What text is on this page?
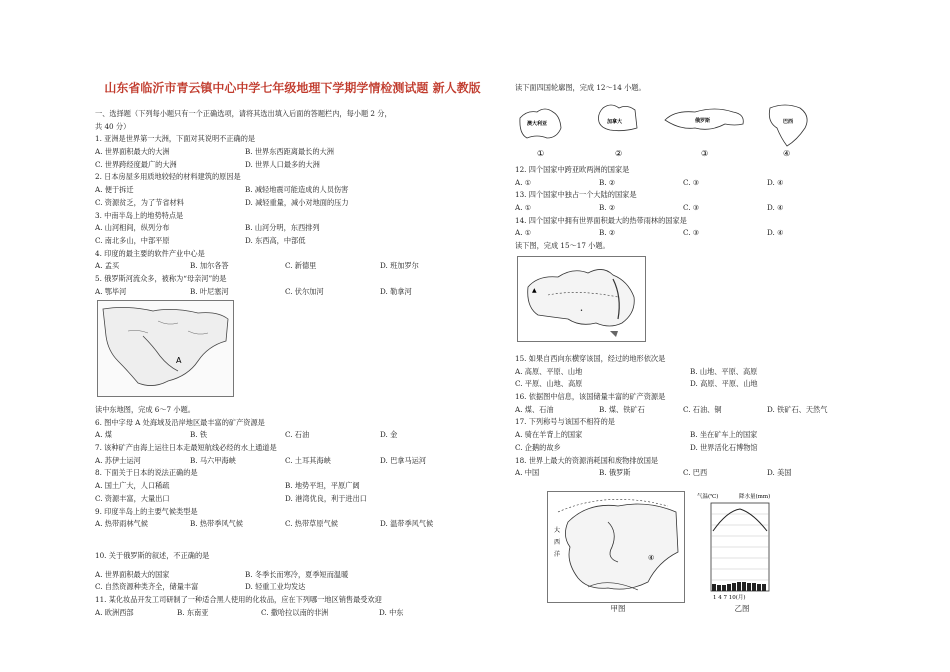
山东省临沂市青云镇中心中学七年级地理下学期学情检测试题 新人教版
一、选择题（下列每小题只有一个正确选项，请将其选出填入后面的答题栏内，每小题 2 分，
共 40 分）
1. 亚洲是世界第一大洲，下面对其说明不正确的是
A. 世界面积最大的大洲	B. 世界东西距离最长的大洲
C. 世界跨经度最广的大洲	D. 世界人口最多的大洲
2. 日本房屋多用质地较轻的材料建筑的原因是
A. 便于拆迁	B. 减轻地震可能造成的人员伤害
C. 资源贫乏，为了节省材料	D. 减轻重量，减小对地面的压力
3. 中南半岛上的地势特点是
A. 山河相间，纵列分布	B. 山河分明，东西排列
C. 南北多山，中部平原	D. 东西高，中部低
4. 印度的最主要的软件产业中心是
A. 孟买	B. 加尔各答	C. 新德里	D. 班加罗尔
5. 俄罗斯河流众多，被称为“母亲河”的是
A. 鄂毕河	B. 叶尼塞河	C. 伏尔加河	D. 勒拿河
A
读中东地图，完成 6～7 小题。
6. 图中字母 A 处海域及沿岸地区最丰富的矿产资源是
A. 煤	B. 铁	C. 石油	D. 金
7. 该种矿产由海上运往日本走最短航线必经的水上通道是
A. 苏伊士运河	B. 马六甲海峡	C. 土耳其海峡	D. 巴拿马运河
8. 下面关于日本的说法正确的是
A. 国土广大，人口稀疏	B. 地势平坦，平原广阔
C. 资源丰富，大量出口	D. 港湾优良，利于进出口
9. 印度半岛上的主要气候类型是
A. 热带雨林气候	B. 热带季风气候	C. 热带草原气候	D. 温带季风气候
10. 关于俄罗斯的叙述，不正确的是
A. 世界面积最大的国家	B. 冬季长而寒冷，夏季短而温暖
C. 自然资源种类齐全，储量丰富	D. 轻重工业均发达
11. 某化妆品开发工司研制了一种适合黑人使用的化妆品，应在下列哪一地区销售最受欢迎
A. 欧洲西部	B. 东南亚	C. 撒哈拉以南的非洲	D. 中东
读下面四国轮廓图，完成 12～14 小题。
澳大利亚	加拿大	俄罗斯	巴西
①	②	③	④
12. 四个国家中跨亚欧两洲的国家是
A. ①	B. ②	C. ③	D. ④
13. 四个国家中独占一个大陆的国家是
A. ①	B. ②	C. ③	D. ④
14. 四个国家中拥有世界面积最大的热带雨林的国家是
A. ①	B. ②	C. ③	D. ④
读下图，完成 15～17 小题。
▲
•
15. 如果自西向东横穿该国，经过的地形依次是
A. 高原、平原、山地	B. 山地、平原、高原
C. 平原、山地、高原	D. 高原、平原、山地
16. 依据图中信息，该国储量丰富的矿产资源是
A. 煤、石油	B. 煤、铁矿石	C. 石油、铜	D. 铁矿石、天然气
17. 下列称号与该国不相符的是
A. 骑在羊背上的国家	B. 坐在矿车上的国家
C. 企鹅的故乡	D. 世界活化石博物馆
18. 世界上最大的资源消耗国和废物排放国是
A. 中国	B. 俄罗斯	C. 巴西	D. 美国
大
西
洋	④
甲图
气温(℃)	降水量(mm)
1 4 7 10(月)
乙图
